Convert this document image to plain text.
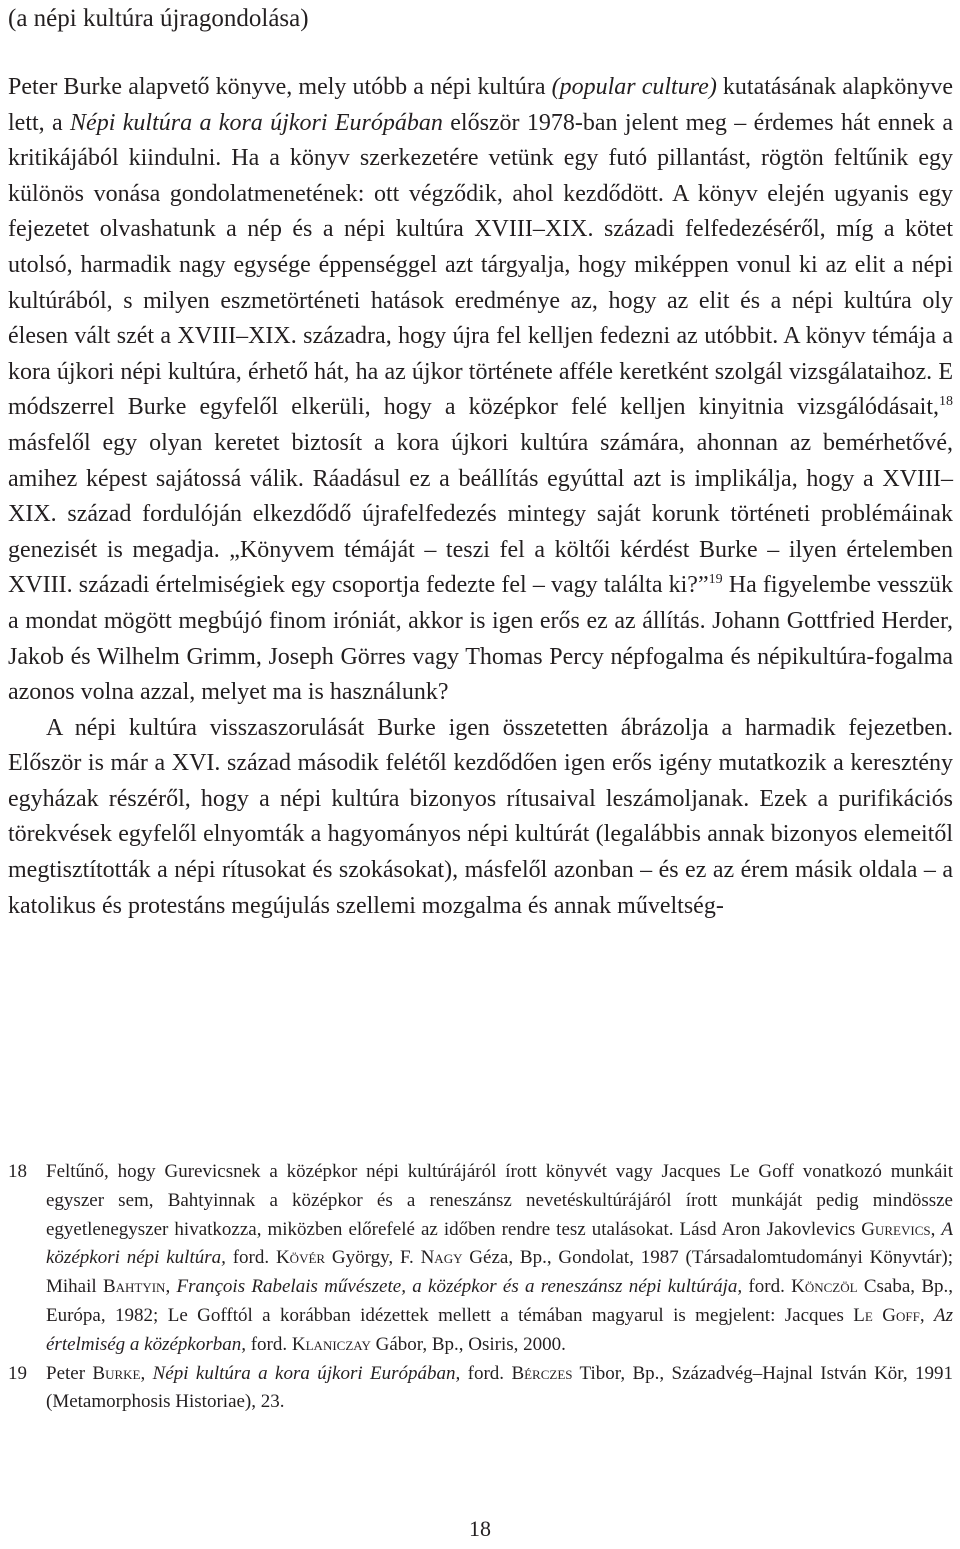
(a népi kultúra újragondolása)

Peter Burke alapvető könyve, mely utóbb a népi kultúra (popular culture) kutatásának alapkönyve lett, a Népi kultúra a kora újkori Európában először 1978-ban jelent meg – érdemes hát ennek a kritikájából kiindulni. Ha a könyv szerkezetére vetünk egy futó pillantást, rögtön feltűnik egy különös vonása gondolatmenetének: ott végződik, ahol kezdődött. A könyv elején ugyanis egy fejezetet olvashatunk a nép és a népi kultúra XVIII–XIX. századi felfedezéséről, míg a kötet utolsó, harmadik nagy egysége éppenséggel azt tárgyalja, hogy miképpen vonul ki az elit a népi kultúrából, s milyen eszmetörténeti hatások eredménye az, hogy az elit és a népi kultúra oly élesen vált szét a XVIII–XIX. századra, hogy újra fel kelljen fedezni az utóbbit. A könyv témája a kora újkori népi kultúra, érhető hát, ha az újkor története afféle keretként szolgál vizsgálataihoz. E módszerrel Burke egyfelől elkerüli, hogy a középkor felé kelljen kinyitnia vizsgálódásait,$^{18}$ másfelől egy olyan keretet biztosít a kora újkori kultúra számára, ahonnan az bemérhetővé, amihez képest sajátossá válik. Ráadásul ez a beállítás egyúttal azt is implikálja, hogy a XVIII–XIX. század fordulóján elkezdődő újrafelfedezés mintegy saját korunk történeti problémáinak genezisét is megadja. „Könyvem témáját – teszi fel a költői kérdést Burke – ilyen értelemben XVIII. századi értelmiségiek egy csoportja fedezte fel – vagy találta ki?”$^{19}$ Ha figyelembe vesszük a mondat mögött megbújó finom iróniát, akkor is igen erős ez az állítás. Johann Gottfried Herder, Jakob és Wilhelm Grimm, Joseph Görres vagy Thomas Percy népfogalma és népikultúra-fogalma azonos volna azzal, melyet ma is használunk?

A népi kultúra visszaszorulását Burke igen összetetten ábrázolja a harmadik fejezetben. Először is már a XVI. század második felétől kezdődően igen erős igény mutatkozik a keresztény egyházak részéről, hogy a népi kultúra bizonyos rítusaival leszámoljanak. Ezek a purifikációs törekvések egyfelől elnyomták a hagyományos népi kultúrát (legalábbis annak bizonyos elemeitől megtisztították a népi rítusokat és szokásokat), másfelől azonban – és ez az érem másik oldala – a katolikus és protestáns megújulás szellemi mozgalma és annak műveltség-

18 Feltűnő, hogy Gurevicsnek a középkor népi kultúrájáról írott könyvét vagy Jacques Le Goff vonatkozó munkáit egyszer sem, Bahtyinnak a középkor és a reneszánsz nevetéskultúrájáról írott munkáját pedig mindössze egyetlenegyszer hivatkozza, miközben előrefelé az időben rendre tesz utalásokat. Lásd Aron Jakovlevics Gurevics, A középkori népi kultúra, ford. Kövér György, F. Nagy Géza, Bp., Gondolat, 1987 (Társadalomtudományi Könyvtár); Mihail Bahtyin, François Rabelais művészete, a középkor és a reneszánsz népi kultúrája, ford. Könczöl Csaba, Bp., Európa, 1982; Le Gofftól a korábban idézettek mellett a témában magyarul is megjelent: Jacques Le Goff, Az értelmiség a középkorban, ford. Klaniczay Gábor, Bp., Osiris, 2000.
19 Peter Burke, Népi kultúra a kora újkori Európában, ford. Bérczes Tibor, Bp., Századvég–Hajnal István Kör, 1991 (Metamorphosis Historiae), 23.
18
